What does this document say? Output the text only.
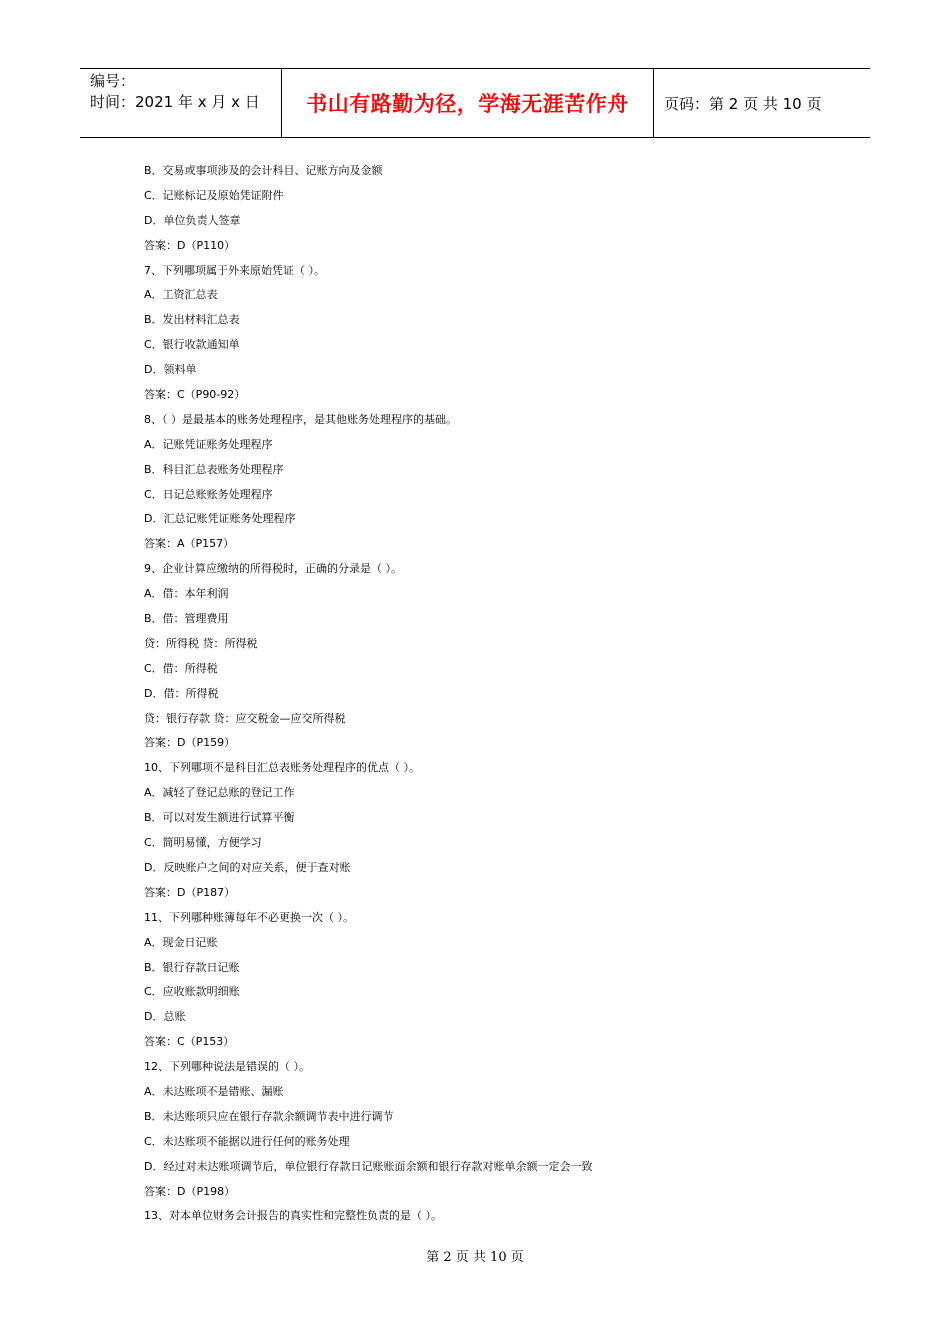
编号：
时间：2021 年 x 月 x 日	书山有路勤为径，学海无涯苦作舟 页码：第 2 页 共 10 页
B．交易或事项涉及的会计科目、记账方向及金额
C．记账标记及原始凭证附件
D．单位负责人签章
答案：D（P110）
7、下列哪项属于外来原始凭证（ ）。
A．工资汇总表
B．发出材料汇总表
C．银行收款通知单
D．领料单
答案：C（P90-92）
8、（ ）是最基本的账务处理程序，是其他账务处理程序的基础。
A．记账凭证账务处理程序
B．科目汇总表账务处理程序
C．日记总账账务处理程序
D．汇总记账凭证账务处理程序
答案：A（P157）
9、企业计算应缴纳的所得税时，正确的分录是（ ）。
A．借：本年利润
B．借：管理费用
贷：所得税 贷：所得税
C．借：所得税
D．借：所得税
贷：银行存款 贷：应交税金—应交所得税
答案：D（P159）
10、下列哪项不是科目汇总表账务处理程序的优点（ ）。
A．减轻了登记总账的登记工作
B．可以对发生额进行试算平衡
C．简明易懂，方便学习
D．反映账户之间的对应关系，便于查对账
答案：D（P187）
11、下列哪种账簿每年不必更换一次（ ）。
A．现金日记账
B．银行存款日记账
C．应收账款明细账
D．总账
答案：C（P153）
12、下列哪种说法是错误的（ ）。
A．未达账项不是错账、漏账
B．未达账项只应在银行存款余额调节表中进行调节
C．未达账项不能据以进行任何的账务处理
D．经过对未达账项调节后，单位银行存款日记账账面余额和银行存款对账单余额一定会一致
答案：D（P198）
13、对本单位财务会计报告的真实性和完整性负责的是（ ）。
第 2 页 共 10 页
